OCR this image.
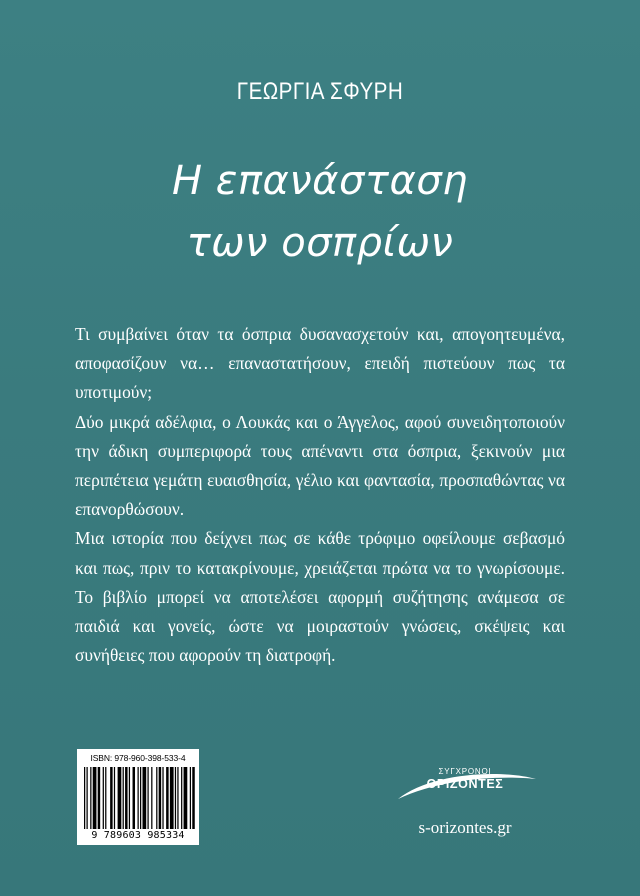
ΓΕΩΡΓΙΑ ΣΦΥΡΗ
Η επανάσταση
των οσπρίων

Τι συμβαίνει όταν τα όσπρια δυσανασχετούν και, απογοητευμένα, αποφασίζουν να… επαναστατήσουν, επειδή πιστεύουν πως τα υποτιμούν;

Δύο μικρά αδέλφια, ο Λουκάς και ο Άγγελος, αφού συνειδητοποιούν την άδικη συμπεριφορά τους απέναντι στα όσπρια, ξεκινούν μια περιπέτεια γεμάτη ευαισθησία, γέλιο και φαντασία, προσπαθώντας να επανορθώσουν.

Μια ιστορία που δείχνει πως σε κάθε τρόφιμο οφείλουμε σεβασμό και πως, πριν το κατακρίνουμε, χρειάζεται πρώτα να το γνωρίσουμε. Το βιβλίο μπορεί να αποτελέσει αφορμή συζήτησης ανάμεσα σε παιδιά και γονείς, ώστε να μοιραστούν γνώσεις, σκέψεις και συνήθειες που αφορούν τη διατροφή.

ISBN: 978-960-398-533-4
9 789603 985334
ΣΥΓΧΡΟΝΟΙ
ΟΡΙΖΟΝΤΕΣ
s-orizontes.gr
